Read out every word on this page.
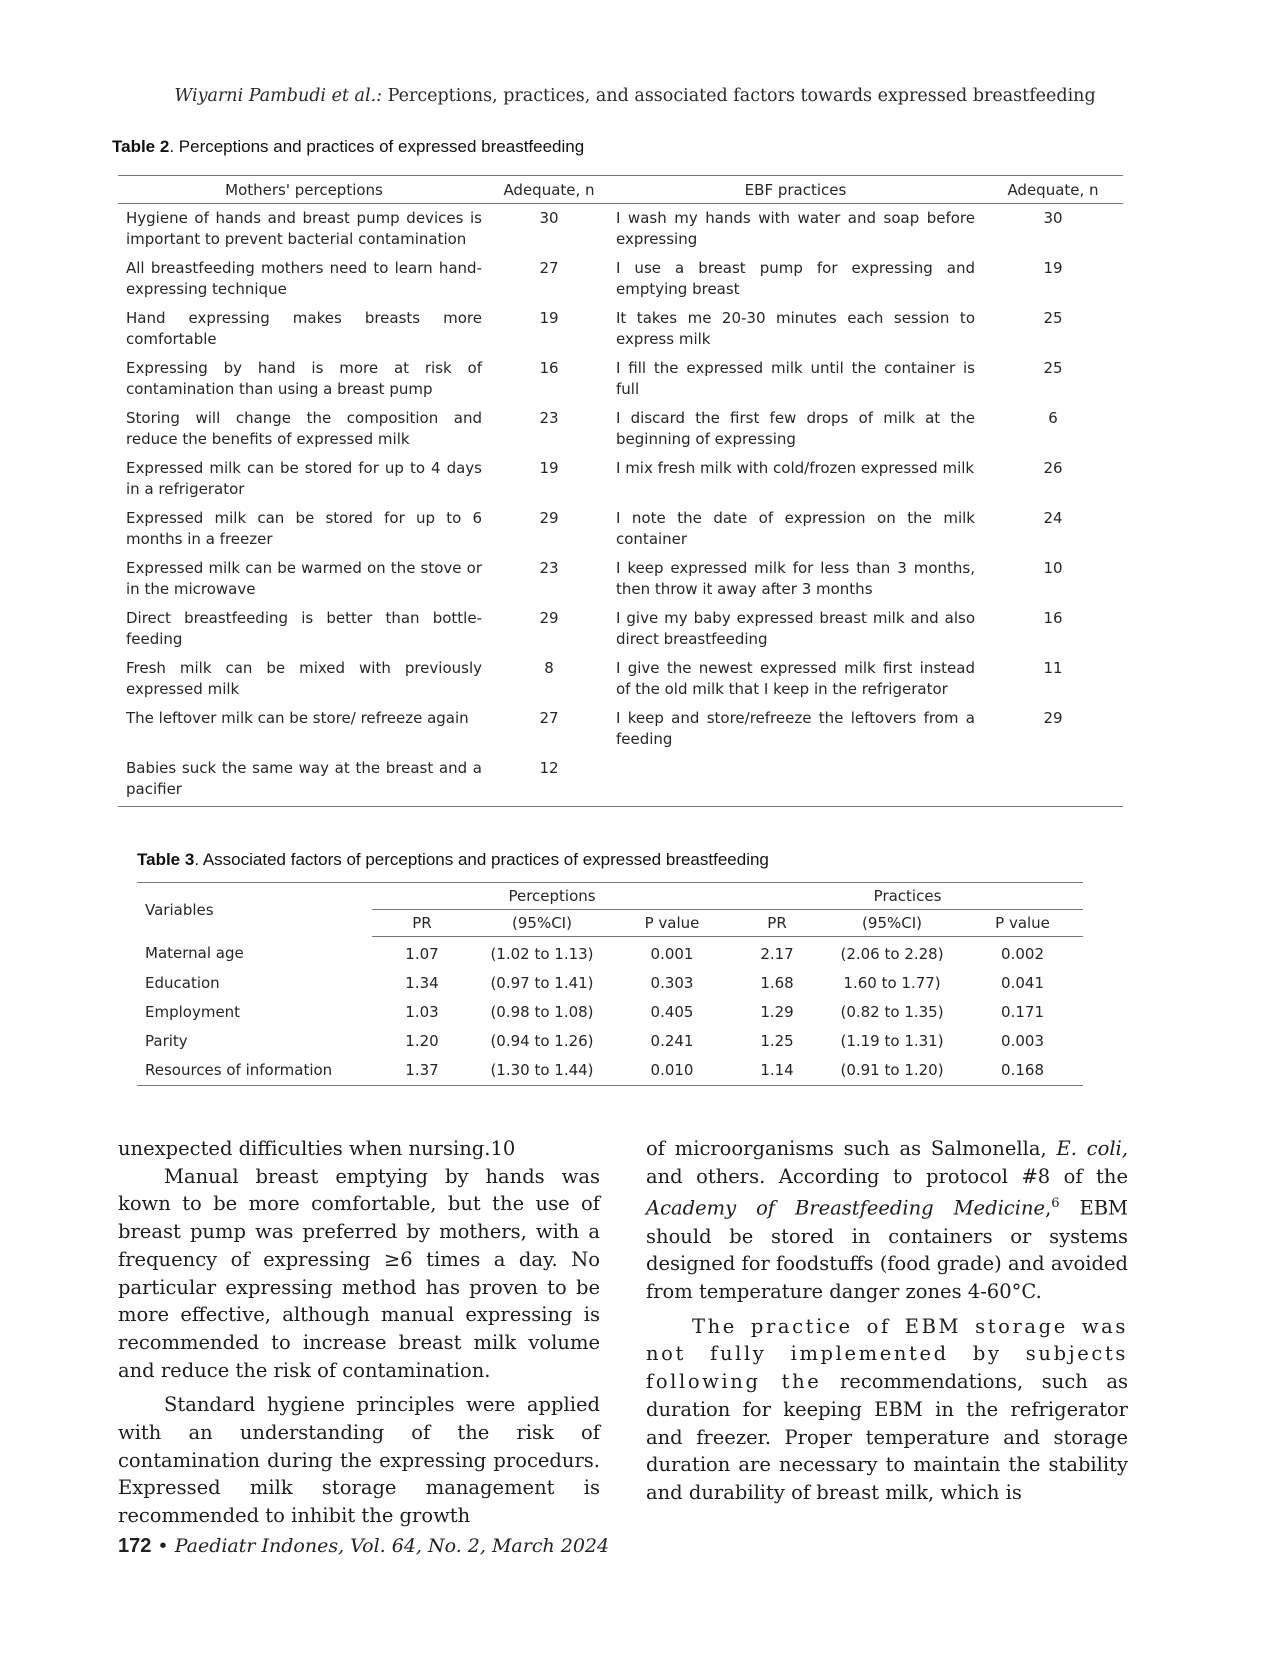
Wiyarni Pambudi et al.: Perceptions, practices, and associated factors towards expressed breastfeeding
Table 2. Perceptions and practices of expressed breastfeeding
Mothers' perceptions	Adequate, n	EBF practices	Adequate, n
Hygiene of hands and breast pump devices is important to prevent bacterial contamination	30	I wash my hands with water and soap before expressing	30
All breastfeeding mothers need to learn hand-expressing technique	27	I use a breast pump for expressing and emptying breast	19
Hand expressing makes breasts more comfortable	19	It takes me 20-30 minutes each session to express milk	25
Expressing by hand is more at risk of contamination than using a breast pump	16	I fill the expressed milk until the container is full	25
Storing will change the composition and reduce the benefits of expressed milk	23	I discard the first few drops of milk at the beginning of expressing	6
Expressed milk can be stored for up to 4 days in a refrigerator	19	I mix fresh milk with cold/frozen expressed milk	26
Expressed milk can be stored for up to 6 months in a freezer	29	I note the date of expression on the milk container	24
Expressed milk can be warmed on the stove or in the microwave	23	I keep expressed milk for less than 3 months, then throw it away after 3 months	10
Direct breastfeeding is better than bottle-feeding	29	I give my baby expressed breast milk and also direct breastfeeding	16
Fresh milk can be mixed with previously expressed milk	8	I give the newest expressed milk first instead of the old milk that I keep in the refrigerator	11
The leftover milk can be store/ refreeze again	27	I keep and store/refreeze the leftovers from a feeding	29
Babies suck the same way at the breast and a pacifier	12		
Table 3. Associated factors of perceptions and practices of expressed breastfeeding
Variables	Perceptions			Practices		
	PR	(95%CI)	P value	PR	(95%CI)	P value
Maternal age	1.07	(1.02 to 1.13)	0.001	2.17	(2.06 to 2.28)	0.002
Education	1.34	(0.97 to 1.41)	0.303	1.68	1.60 to 1.77)	0.041
Employment	1.03	(0.98 to 1.08)	0.405	1.29	(0.82 to 1.35)	0.171
Parity	1.20	(0.94 to 1.26)	0.241	1.25	(1.19 to 1.31)	0.003
Resources of information	1.37	(1.30 to 1.44)	0.010	1.14	(0.91 to 1.20)	0.168

unexpected difficulties when nursing.10

Manual breast emptying by hands was kown to be more comfortable, but the use of breast pump was preferred by mothers, with a frequency of expressing ≥6 times a day. No particular expressing method has proven to be more effective, although manual expressing is recommended to increase breast milk volume and reduce the risk of contamination.

Standard hygiene principles were applied with an understanding of the risk of contamination during the expressing procedurs. Expressed milk storage management is recommended to inhibit the growth

of microorganisms such as Salmonella, E. coli, and others. According to protocol #8 of the Academy of Breastfeeding Medicine,$^6$ EBM should be stored in containers or systems designed for foodstuffs (food grade) and avoided from temperature danger zones 4-60°C.

The practice of EBM storage was not fully implemented by subjects following the recommendations, such as duration for keeping EBM in the refrigerator and freezer. Proper temperature and storage duration are necessary to maintain the stability and durability of breast milk, which is

172 • Paediatr Indones, Vol. 64, No. 2, March 2024
